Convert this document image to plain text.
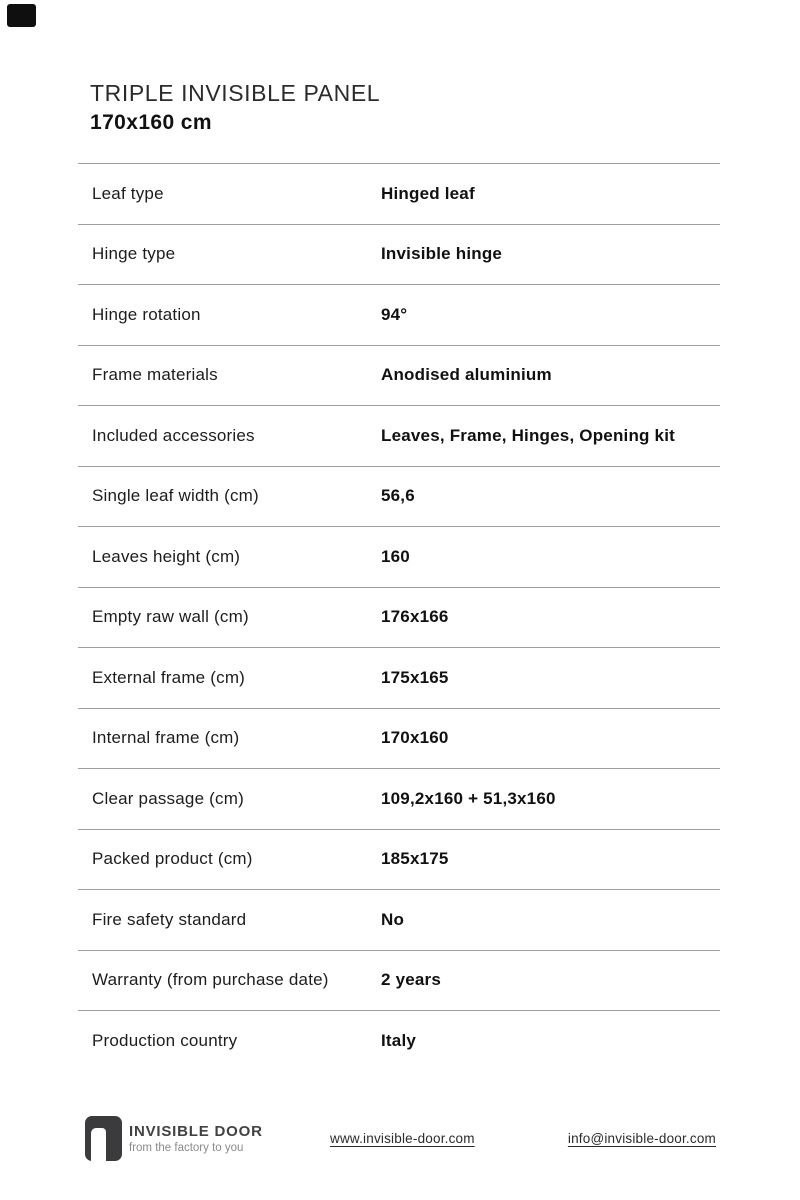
TRIPLE INVISIBLE PANEL
170x160 cm
Leaf type	Hinged leaf
Hinge type	Invisible hinge
Hinge rotation	94°
Frame materials	Anodised aluminium
Included accessories	Leaves, Frame, Hinges, Opening kit
Single leaf width (cm)	56,6
Leaves height (cm)	160
Empty raw wall (cm)	176x166
External frame (cm)	175x165
Internal frame (cm)	170x160
Clear passage (cm)	109,2x160 + 51,3x160
Packed product (cm)	185x175
Fire safety standard	No
Warranty (from purchase date)	2 years
Production country	Italy
INVISIBLE DOOR
from the factory to you
www.invisible-door.com	info@invisible-door.com
